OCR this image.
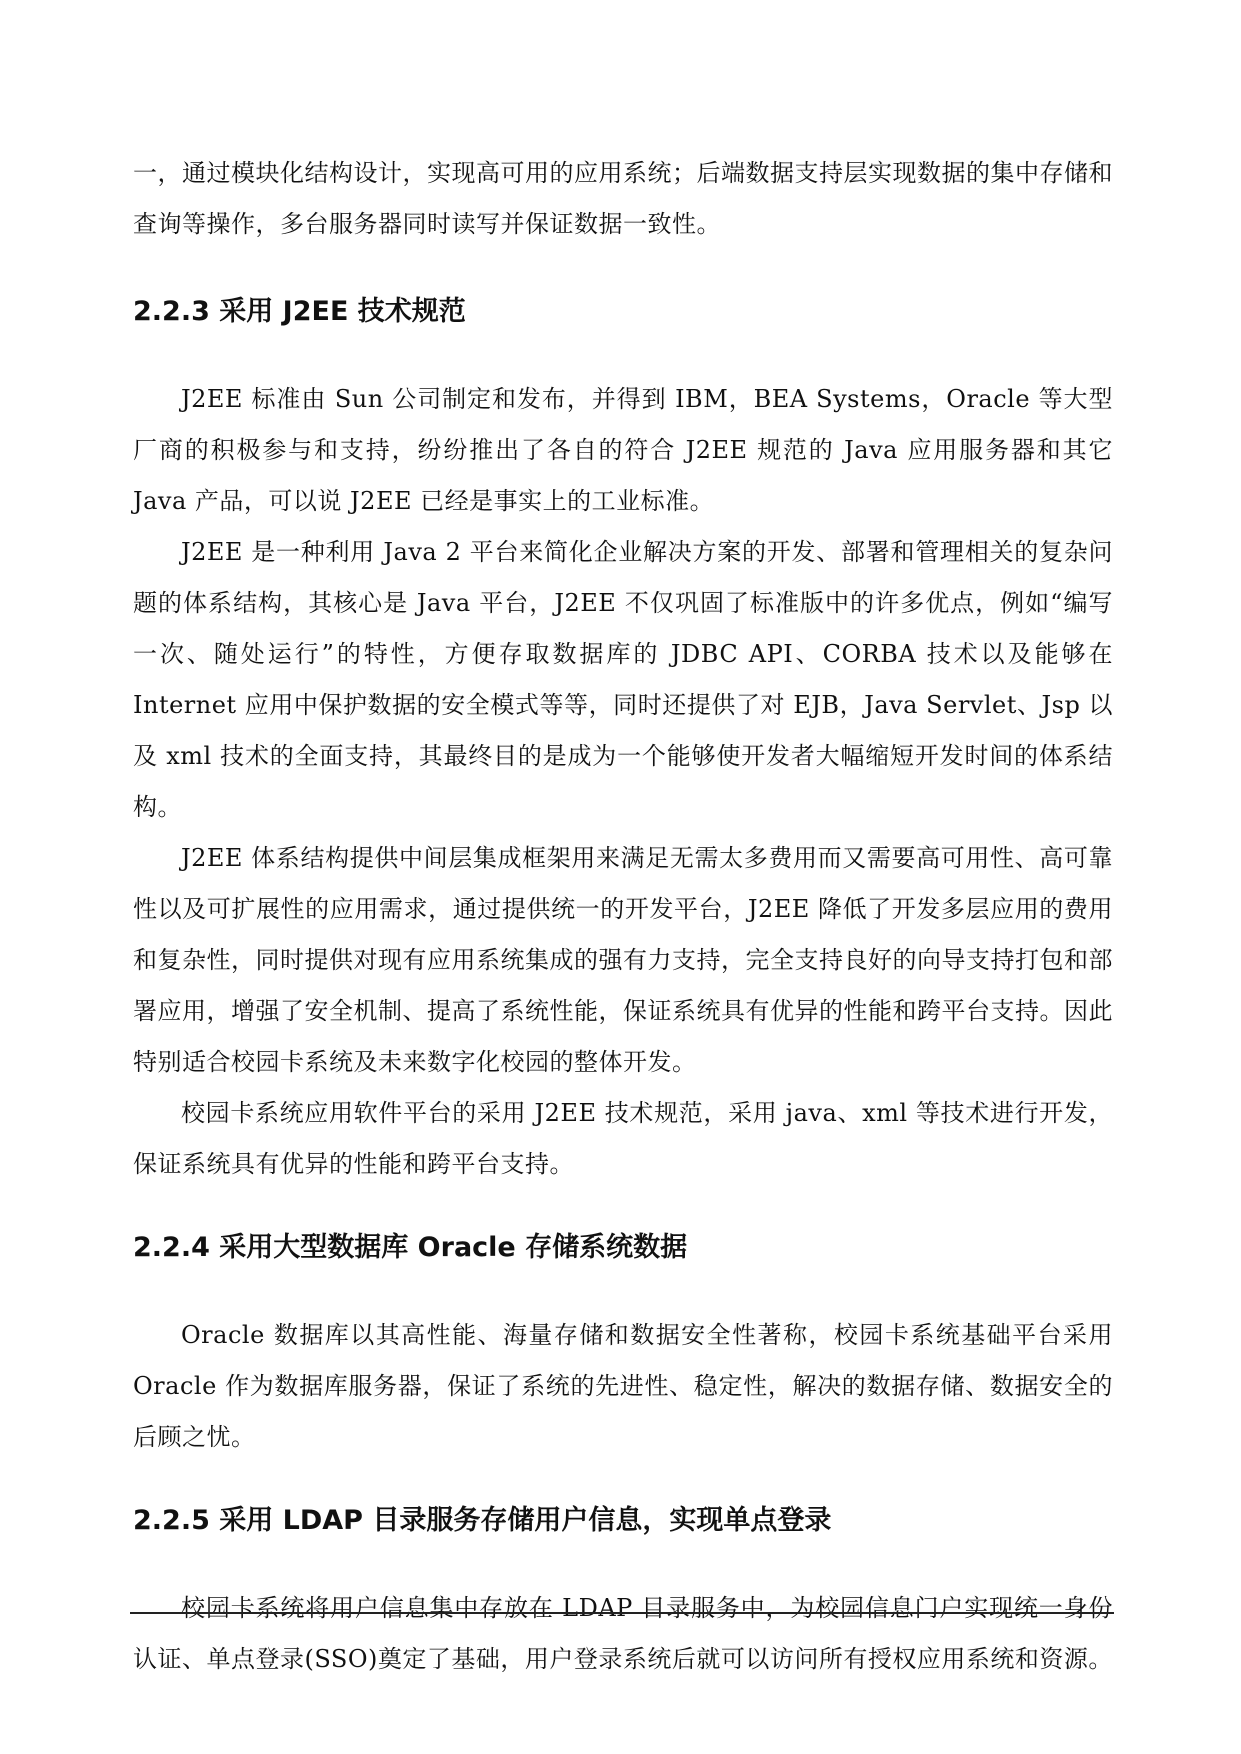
一，通过模块化结构设计，实现高可用的应用系统；后端数据支持层实现数据的集中存储和查询等操作，多台服务器同时读写并保证数据一致性。

2.2.3 采用 J2EE 技术规范

J2EE 标准由 Sun 公司制定和发布，并得到 IBM，BEA Systems，Oracle 等大型厂商的积极参与和支持，纷纷推出了各自的符合 J2EE 规范的 Java 应用服务器和其它 Java 产品，可以说 J2EE 已经是事实上的工业标准。

J2EE 是一种利用 Java 2 平台来简化企业解决方案的开发、部署和管理相关的复杂问题的体系结构，其核心是 Java 平台，J2EE 不仅巩固了标准版中的许多优点，例如“编写一次、随处运行”的特性，方便存取数据库的 JDBC API、CORBA 技术以及能够在 Internet 应用中保护数据的安全模式等等，同时还提供了对 EJB，Java Servlet、Jsp 以及 xml 技术的全面支持，其最终目的是成为一个能够使开发者大幅缩短开发时间的体系结构。

J2EE 体系结构提供中间层集成框架用来满足无需太多费用而又需要高可用性、高可靠性以及可扩展性的应用需求，通过提供统一的开发平台，J2EE 降低了开发多层应用的费用和复杂性，同时提供对现有应用系统集成的强有力支持，完全支持良好的向导支持打包和部署应用，增强了安全机制、提高了系统性能，保证系统具有优异的性能和跨平台支持。因此特别适合校园卡系统及未来数字化校园的整体开发。

校园卡系统应用软件平台的采用 J2EE 技术规范，采用 java、xml 等技术进行开发，保证系统具有优异的性能和跨平台支持。

2.2.4 采用大型数据库 Oracle 存储系统数据

Oracle 数据库以其高性能、海量存储和数据安全性著称，校园卡系统基础平台采用 Oracle 作为数据库服务器，保证了系统的先进性、稳定性，解决的数据存储、数据安全的后顾之忧。

2.2.5 采用 LDAP 目录服务存储用户信息，实现单点登录

校园卡系统将用户信息集中存放在 LDAP 目录服务中，为校园信息门户实现统一身份认证、单点登录(SSO)奠定了基础，用户登录系统后就可以访问所有授权应用系统和资源。
